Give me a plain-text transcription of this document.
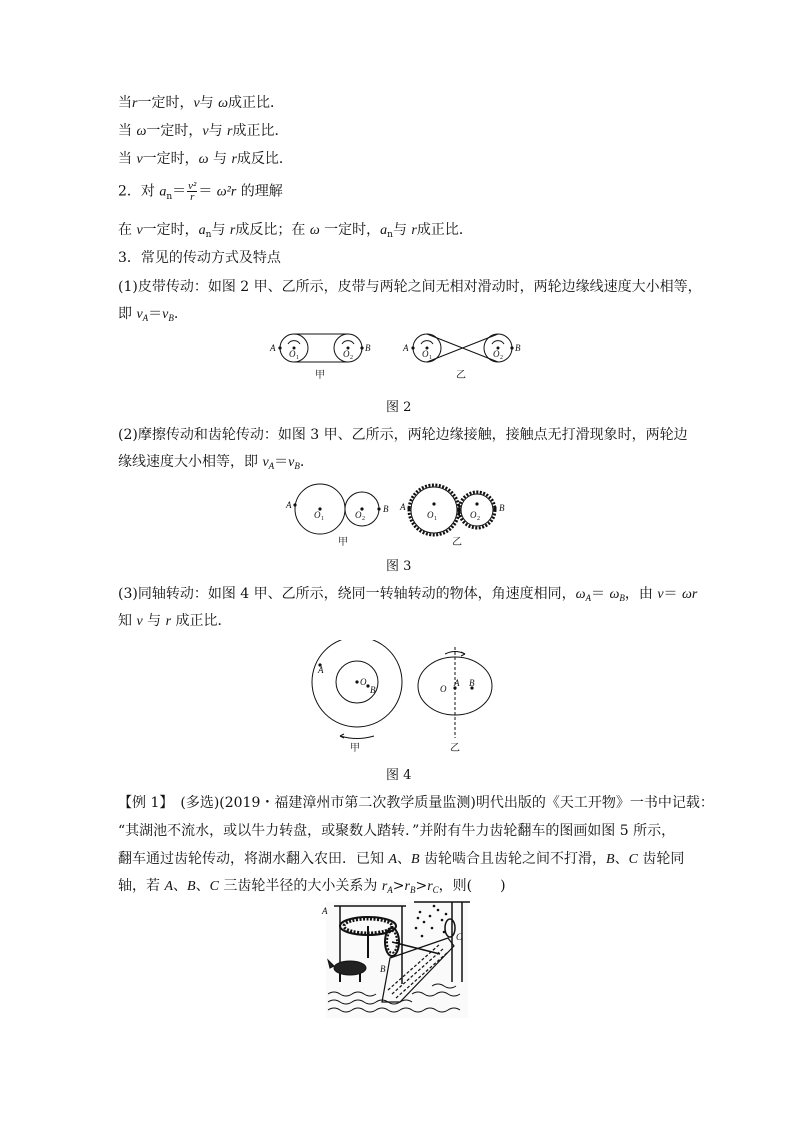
当r一定时，v与 ω成正比．
当 ω一定时，v与 r成正比．
当 v一定时，ω 与 r成反比．
2．对 $a_n= \frac{\text{v²}}{r} = \omega^2r$ 的理解
在 v一定时，$a_n$与 r成反比；在 ω 一定时，$a_n$与 r成正比．
3．常见的传动方式及特点
(1)皮带传动：如图 2 甲、乙所示，皮带与两轮之间无相对滑动时，两轮边缘线速度大小相等，
即 $v_A=v_B$.
A	B
O 1	O 2
A	B
O 1	O 2
甲	乙
图 2
(2)摩擦传动和齿轮传动：如图 3 甲、乙所示，两轮边缘接触，接触点无打滑现象时，两轮边
缘线速度大小相等，即 $v_A=v_B$.
A	B
O 1	O 2
A	B
O 1	O 2
甲	乙
图 3
(3)同轴转动：如图 4 甲、乙所示，绕同一转轴转动的物体，角速度相同，$\omega_A= \omega_B$，由 v＝ ωr
知 v 与 r 成正比．
A
O
B	O
A B
甲	乙
图 4
【例 1】　(多选)(2019・福建漳州市第二次教学质量监测)明代出版的《天工开物》一书中记载：
“其湖池不流水，或以牛力转盘，或聚数人踏转．”并附有牛力齿轮翻车的图画如图 5 所示，
翻车通过齿轮传动，将湖水翻入农田．已知 A、B 齿轮啮合且齿轮之间不打滑，B、C 齿轮同
轴，若 A、B、C 三齿轮半径的大小关系为 $r_A>r_B>r_C$，则(　　)
A
B
C
